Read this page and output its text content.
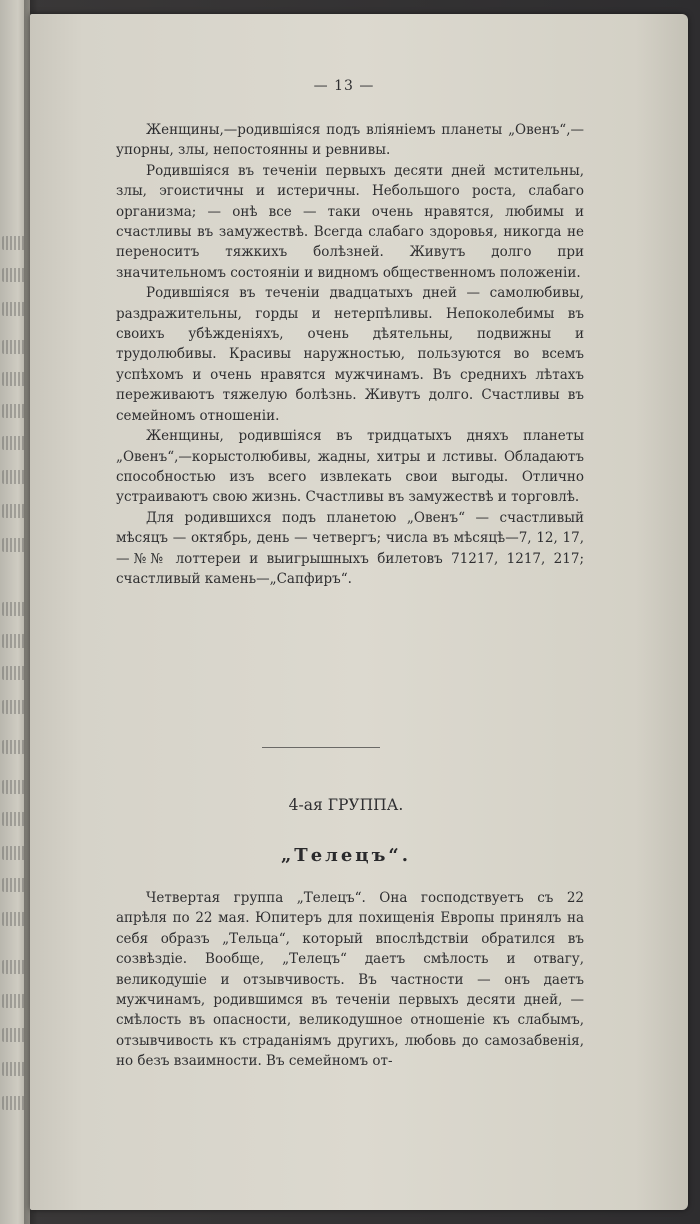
— 13 —

Женщины,—родившiяся подъ влiянiемъ планеты „Овенъ“,—упорны, злы, непостоянны и ревнивы.

Родившiяся въ теченiи первыхъ десяти дней мстительны, злы, эгоистичны и истеричны. Небольшого роста, слабаго организма; — онѣ все — таки очень нравятся, любимы и счастливы въ замужествѣ. Всегда слабаго здоровья, никогда не переноситъ тяжкихъ болѣзней. Живутъ долго при значительномъ состоянiи и видномъ общественномъ положенiи.

Родившiяся въ теченiи двадцатыхъ дней — самолюбивы, раздражительны, горды и нетерпѣливы. Непоколебимы въ своихъ убѣжденiяхъ, очень дѣятельны, подвижны и трудолюбивы. Красивы наружностью, пользуются во всемъ успѣхомъ и очень нравятся мужчинамъ. Въ среднихъ лѣтахъ переживаютъ тяжелую болѣзнь. Живутъ долго. Счастливы въ семейномъ отношенiи.

Женщины, родившiяся въ тридцатыхъ дняхъ планеты „Овенъ“,—корыстолюбивы, жадны, хитры и лстивы. Обладаютъ способностью изъ всего извлекать свои выгоды. Отлично устраиваютъ свою жизнь. Счастливы въ замужествѣ и торговлѣ.

Для родившихся подъ планетою „Овенъ“ — счастливый мѣсяцъ — октябрь, день — четвергъ; числа въ мѣсяцѣ—7, 12, 17,—№№ лоттереи и выигрышныхъ билетовъ 71217, 1217, 217; счастливый камень—„Сапфиръ“.

4-ая ГРУППА.
„Телецъ“.

Четвертая группа „Телецъ“. Она господствуетъ съ 22 апрѣля по 22 мая. Юпитеръ для похищенiя Европы принялъ на себя образъ „Тельца“, который впослѣдствiи обратился въ созвѣздiе. Вообще, „Телецъ“ даетъ смѣлость и отвагу, великодушiе и отзывчивость. Въ частности — онъ даетъ мужчинамъ, родившимся въ теченiи первыхъ десяти дней, — смѣлость въ опасности, великодушное отношенiе къ слабымъ, отзывчивость къ страданiямъ другихъ, любовь до самозабвенiя, но безъ взаимности. Въ семейномъ от-
